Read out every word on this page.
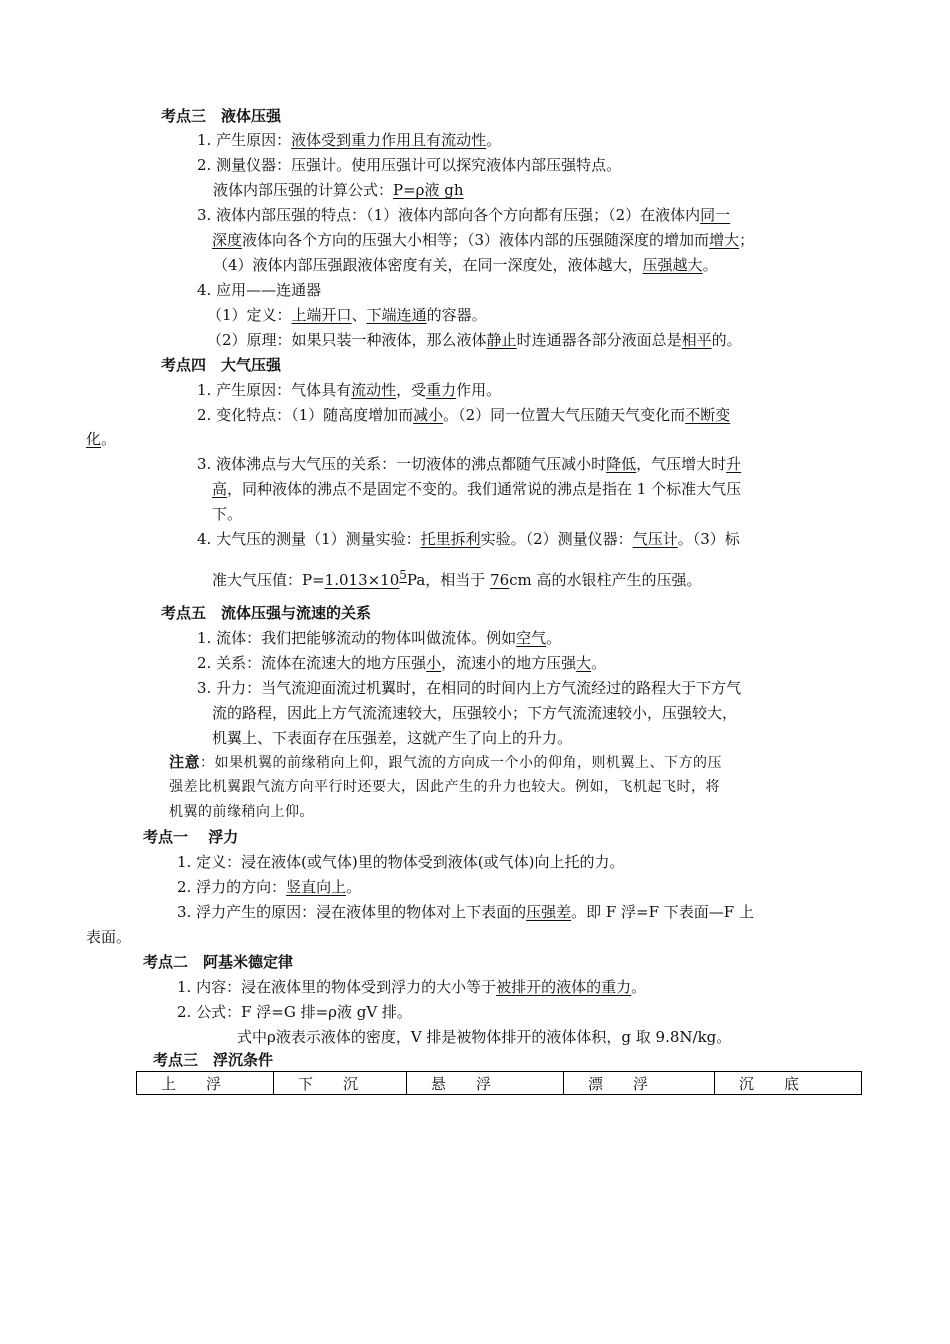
考点三　液体压强
1. 产生原因：液体受到重力作用且有流动性。
2. 测量仪器：压强计。使用压强计可以探究液体内部压强特点。
液体内部压强的计算公式：P=ρ液 gh
3. 液体内部压强的特点：（1）液体内部向各个方向都有压强；（2）在液体内同一
深度液体向各个方向的压强大小相等；（3）液体内部的压强随深度的增加而增大；
（4）液体内部压强跟液体密度有关，在同一深度处，液体越大，压强越大。
4. 应用——连通器
（1）定义：上端开口、下端连通的容器。
（2）原理：如果只装一种液体，那么液体静止时连通器各部分液面总是相平的。
考点四　大气压强
1. 产生原因：气体具有流动性，受重力作用。
2. 变化特点：（1）随高度增加而减小。（2）同一位置大气压随天气变化而不断变
化。
3. 液体沸点与大气压的关系：一切液体的沸点都随气压减小时降低，气压增大时升
高，同种液体的沸点不是固定不变的。我们通常说的沸点是指在 1 个标准大气压
下。
4. 大气压的测量（1）测量实验：托里拆利实验。（2）测量仪器：气压计。（3）标
准大气压值：$P=1.013\times 10^5Pa$，相当于 76cm 高的水银柱产生的压强。
考点五　流体压强与流速的关系
1. 流体：我们把能够流动的物体叫做流体。例如空气。
2. 关系：流体在流速大的地方压强小，流速小的地方压强大。
3. 升力：当气流迎面流过机翼时，在相同的时间内上方气流经过的路程大于下方气
流的路程，因此上方气流流速较大，压强较小；下方气流流速较小，压强较大，
机翼上、下表面存在压强差，这就产生了向上的升力。
注意：如果机翼的前缘稍向上仰，跟气流的方向成一个小的仰角，则机翼上、下方的压
强差比机翼跟气流方向平行时还要大，因此产生的升力也较大。例如，飞机起飞时，将
机翼的前缘稍向上仰。
考点一　 浮力
1. 定义：浸在液体(或气体)里的物体受到液体(或气体)向上托的力。
2. 浮力的方向：竖直向上。
3. 浮力产生的原因：浸在液体里的物体对上下表面的压强差。即 F 浮=F 下表面—F 上
表面。
考点二　阿基米德定律
1. 内容：浸在液体里的物体受到浮力的大小等于被排开的液体的重力。
2. 公式：F 浮=G 排=ρ液 gV 排。
式中ρ液表示液体的密度，V 排是被物体排开的液体体积，g 取 9.8N/kg。
考点三　浮沉条件
上　　浮	下　　沉	悬　　浮	漂　　浮	沉　　底
